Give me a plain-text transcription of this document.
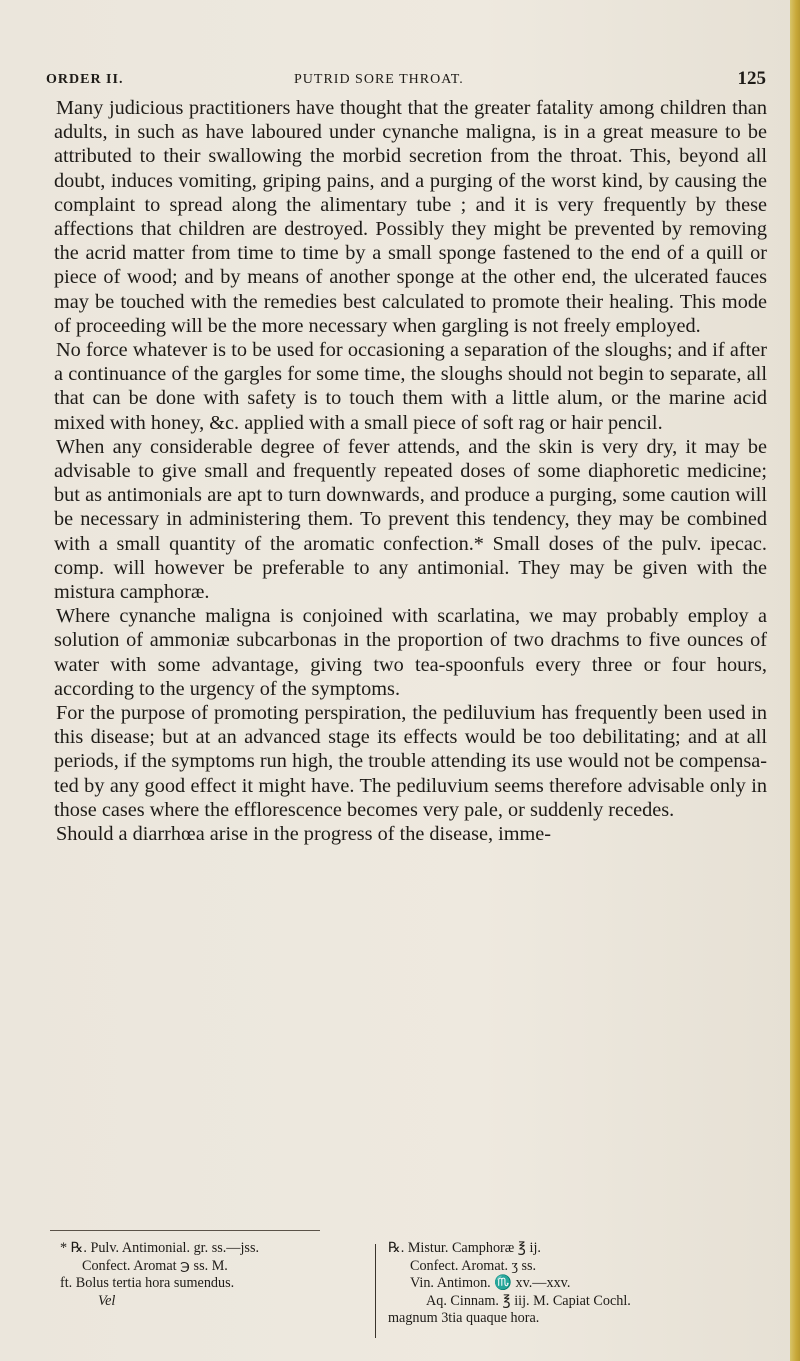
ORDER II.	PUTRID SORE THROAT.	125

Many judicious practitioners have thought that the greater fatality among children than adults, in such as have laboured under cynanche maligna, is in a great measure to be attributed to their swallowing the morbid secretion from the throat. This, beyond all doubt, induces vomiting, griping pains, and a purging of the worst kind, by causing the complaint to spread along the alimentary tube ; and it is very frequently by these affections that children are destroyed. Possibly they might be prevented by removing the acrid matter from time to time by a small sponge fastened to the end of a quill or piece of wood; and by means of another sponge at the other end, the ulcerated fauces may be touched with the remedies best calculated to promote their healing. This mode of proceeding will be the more necessary when gargling is not freely employed.

No force whatever is to be used for occasioning a separation of the sloughs; and if after a continuance of the gargles for some time, the sloughs should not begin to separate, all that can be done with safety is to touch them with a little alum, or the marine acid mixed with honey, &c. applied with a small piece of soft rag or hair pencil.

When any considerable degree of fever attends, and the skin is very dry, it may be advisable to give small and frequently repeated doses of some diaphoretic medicine; but as antimonials are apt to turn downwards, and produce a purging, some caution will be necessary in administering them. To prevent this tendency, they may be combined with a small quantity of the aromatic confection.* Small doses of the pulv. ipecac. comp. will however be preferable to any antimonial. They may be given with the mistura camphoræ.

Where cynanche maligna is conjoined with scarlatina, we may probably employ a solution of ammoniæ subcarbonas in the proportion of two drachms to five ounces of water with some advantage, giving two tea-spoonfuls every three or four hours, according to the urgency of the symptoms.

For the purpose of promoting perspiration, the pediluvium has frequently been used in this disease; but at an advanced stage its effects would be too debilitating; and at all periods, if the symptoms run high, the trouble attending its use would not be compensated by any good effect it might have. The pediluvium seems therefore advisable only in those cases where the efflorescence becomes very pale, or suddenly recedes.

Should a diarrhœa arise in the progress of the disease, imme-

* ℞. Pulv. Antimonial. gr. ss.—jss.
Confect. Aromat ℈ ss. M.
ft. Bolus tertia hora sumendus.
Vel
℞. Mistur. Camphoræ ℥ ij.
Confect. Aromat. ʒ ss.
Vin. Antimon. ♏ xv.—xxv.
Aq. Cinnam. ℥ iij. M. Capiat Cochl.
magnum 3tia quaque hora.
